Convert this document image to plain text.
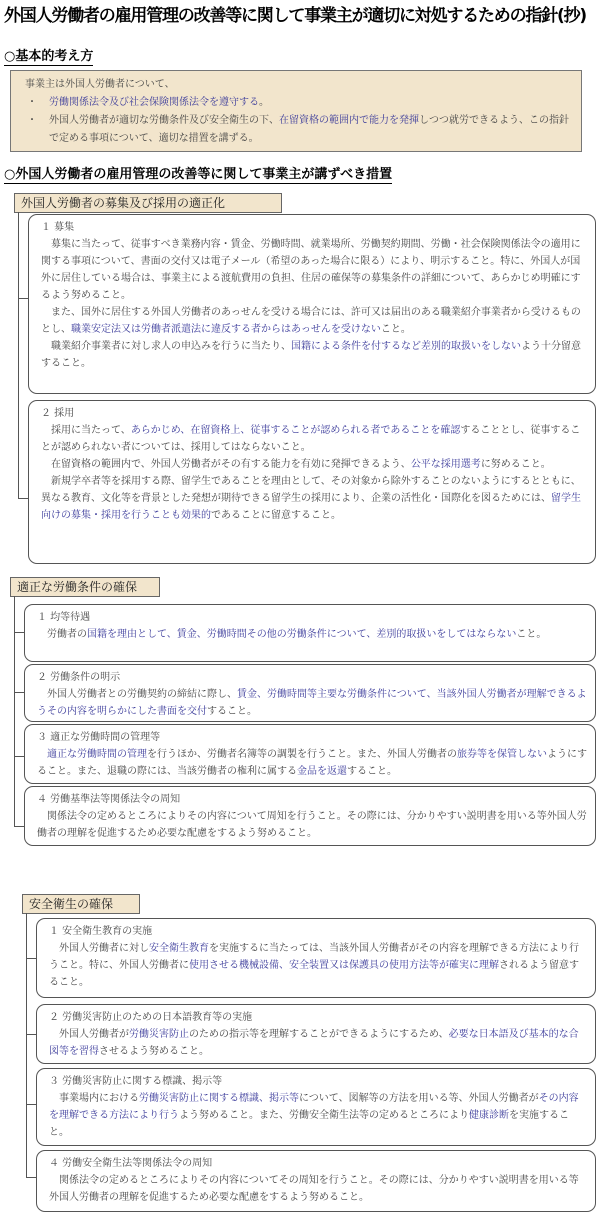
外国人労働者の雇用管理の改善等に関して事業主が適切に対処するための指針(抄)
○基本的考え方
事業主は外国人労働者について、
・	労働関係法令及び社会保険関係法令を遵守する。
・	外国人労働者が適切な労働条件及び安全衛生の下、在留資格の範囲内で能力を発揮しつつ就労できるよう、この指針で定める事項について、適切な措置を講ずる。
○外国人労働者の雇用管理の改善等に関して事業主が講ずべき措置
外国人労働者の募集及び採用の適正化
１ 募集
募集に当たって、従事すべき業務内容・賃金、労働時間、就業場所、労働契約期間、労働・社会保険関係法令の適用に関する事項について、書面の交付又は電子メール（希望のあった場合に限る）により、明示すること。特に、外国人が国外に居住している場合は、事業主による渡航費用の負担、住居の確保等の募集条件の詳細について、あらかじめ明確にするよう努めること。
また、国外に居住する外国人労働者のあっせんを受ける場合には、許可又は届出のある職業紹介事業者から受けるものとし、職業安定法又は労働者派遣法に違反する者からはあっせんを受けないこと。
職業紹介事業者に対し求人の申込みを行うに当たり、国籍による条件を付するなど差別的取扱いをしないよう十分留意すること。
２ 採用
採用に当たって、あらかじめ、在留資格上、従事することが認められる者であることを確認することとし、従事することが認められない者については、採用してはならないこと。
在留資格の範囲内で、外国人労働者がその有する能力を有効に発揮できるよう、公平な採用選考に努めること。
新規学卒者等を採用する際、留学生であることを理由として、その対象から除外することのないようにするとともに、異なる教育、文化等を背景とした発想が期待できる留学生の採用により、企業の活性化・国際化を図るためには、留学生向けの募集・採用を行うことも効果的であることに留意すること。
適正な労働条件の確保
１ 均等待遇
労働者の国籍を理由として、賃金、労働時間その他の労働条件について、差別的取扱いをしてはならないこと。
２ 労働条件の明示
外国人労働者との労働契約の締結に際し、賃金、労働時間等主要な労働条件について、当該外国人労働者が理解できるようその内容を明らかにした書面を交付すること。
３ 適正な労働時間の管理等
適正な労働時間の管理を行うほか、労働者名簿等の調製を行うこと。また、外国人労働者の旅券等を保管しないようにすること。また、退職の際には、当該労働者の権利に属する金品を返還すること。
４ 労働基準法等関係法令の周知
関係法令の定めるところによりその内容について周知を行うこと。その際には、分かりやすい説明書を用いる等外国人労働者の理解を促進するため必要な配慮をするよう努めること。
安全衛生の確保
１ 安全衛生教育の実施
外国人労働者に対し安全衛生教育を実施するに当たっては、当該外国人労働者がその内容を理解できる方法により行うこと。特に、外国人労働者に使用させる機械設備、安全装置又は保護具の使用方法等が確実に理解されるよう留意すること。
２ 労働災害防止のための日本語教育等の実施
外国人労働者が労働災害防止のための指示等を理解することができるようにするため、必要な日本語及び基本的な合図等を習得させるよう努めること。
３ 労働災害防止に関する標識、掲示等
事業場内における労働災害防止に関する標識、掲示等について、図解等の方法を用いる等、外国人労働者がその内容を理解できる方法により行うよう努めること。また、労働安全衛生法等の定めるところにより健康診断を実施すること。
４ 労働安全衛生法等関係法令の周知
関係法令の定めるところによりその内容についてその周知を行うこと。その際には、分かりやすい説明書を用いる等外国人労働者の理解を促進するため必要な配慮をするよう努めること。
